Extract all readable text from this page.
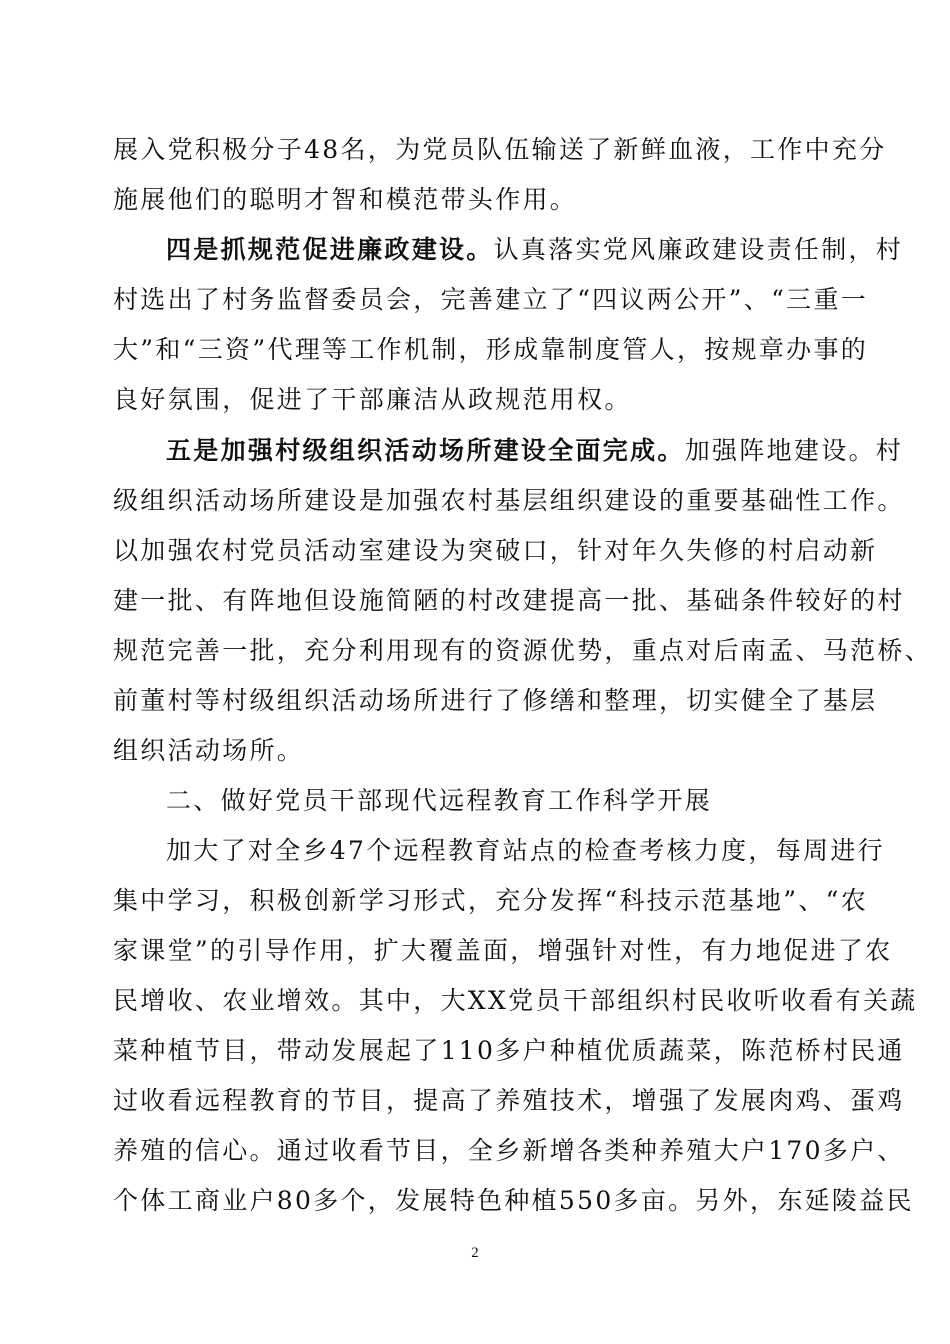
展入党积极分子48名，为党员队伍输送了新鲜血液，工作中充分
施展他们的聪明才智和模范带头作用。
四是抓规范促进廉政建设。认真落实党风廉政建设责任制，村
村选出了村务监督委员会，完善建立了“四议两公开”、“三重一
大”和“三资”代理等工作机制，形成靠制度管人，按规章办事的
良好氛围，促进了干部廉洁从政规范用权。
五是加强村级组织活动场所建设全面完成。加强阵地建设。村
级组织活动场所建设是加强农村基层组织建设的重要基础性工作。
以加强农村党员活动室建设为突破口，针对年久失修的村启动新
建一批、有阵地但设施简陋的村改建提高一批、基础条件较好的村
规范完善一批，充分利用现有的资源优势，重点对后南孟、马范桥、
前董村等村级组织活动场所进行了修缮和整理，切实健全了基层
组织活动场所。
二、做好党员干部现代远程教育工作科学开展
加大了对全乡47个远程教育站点的检查考核力度，每周进行
集中学习，积极创新学习形式，充分发挥“科技示范基地”、“农
家课堂”的引导作用，扩大覆盖面，增强针对性，有力地促进了农
民增收、农业增效。其中，大XX党员干部组织村民收听收看有关蔬
菜种植节目，带动发展起了110多户种植优质蔬菜，陈范桥村民通
过收看远程教育的节目，提高了养殖技术，增强了发展肉鸡、蛋鸡
养殖的信心。通过收看节目，全乡新增各类种养殖大户170多户、
个体工商业户80多个，发展特色种植550多亩。另外，东延陵益民
2
